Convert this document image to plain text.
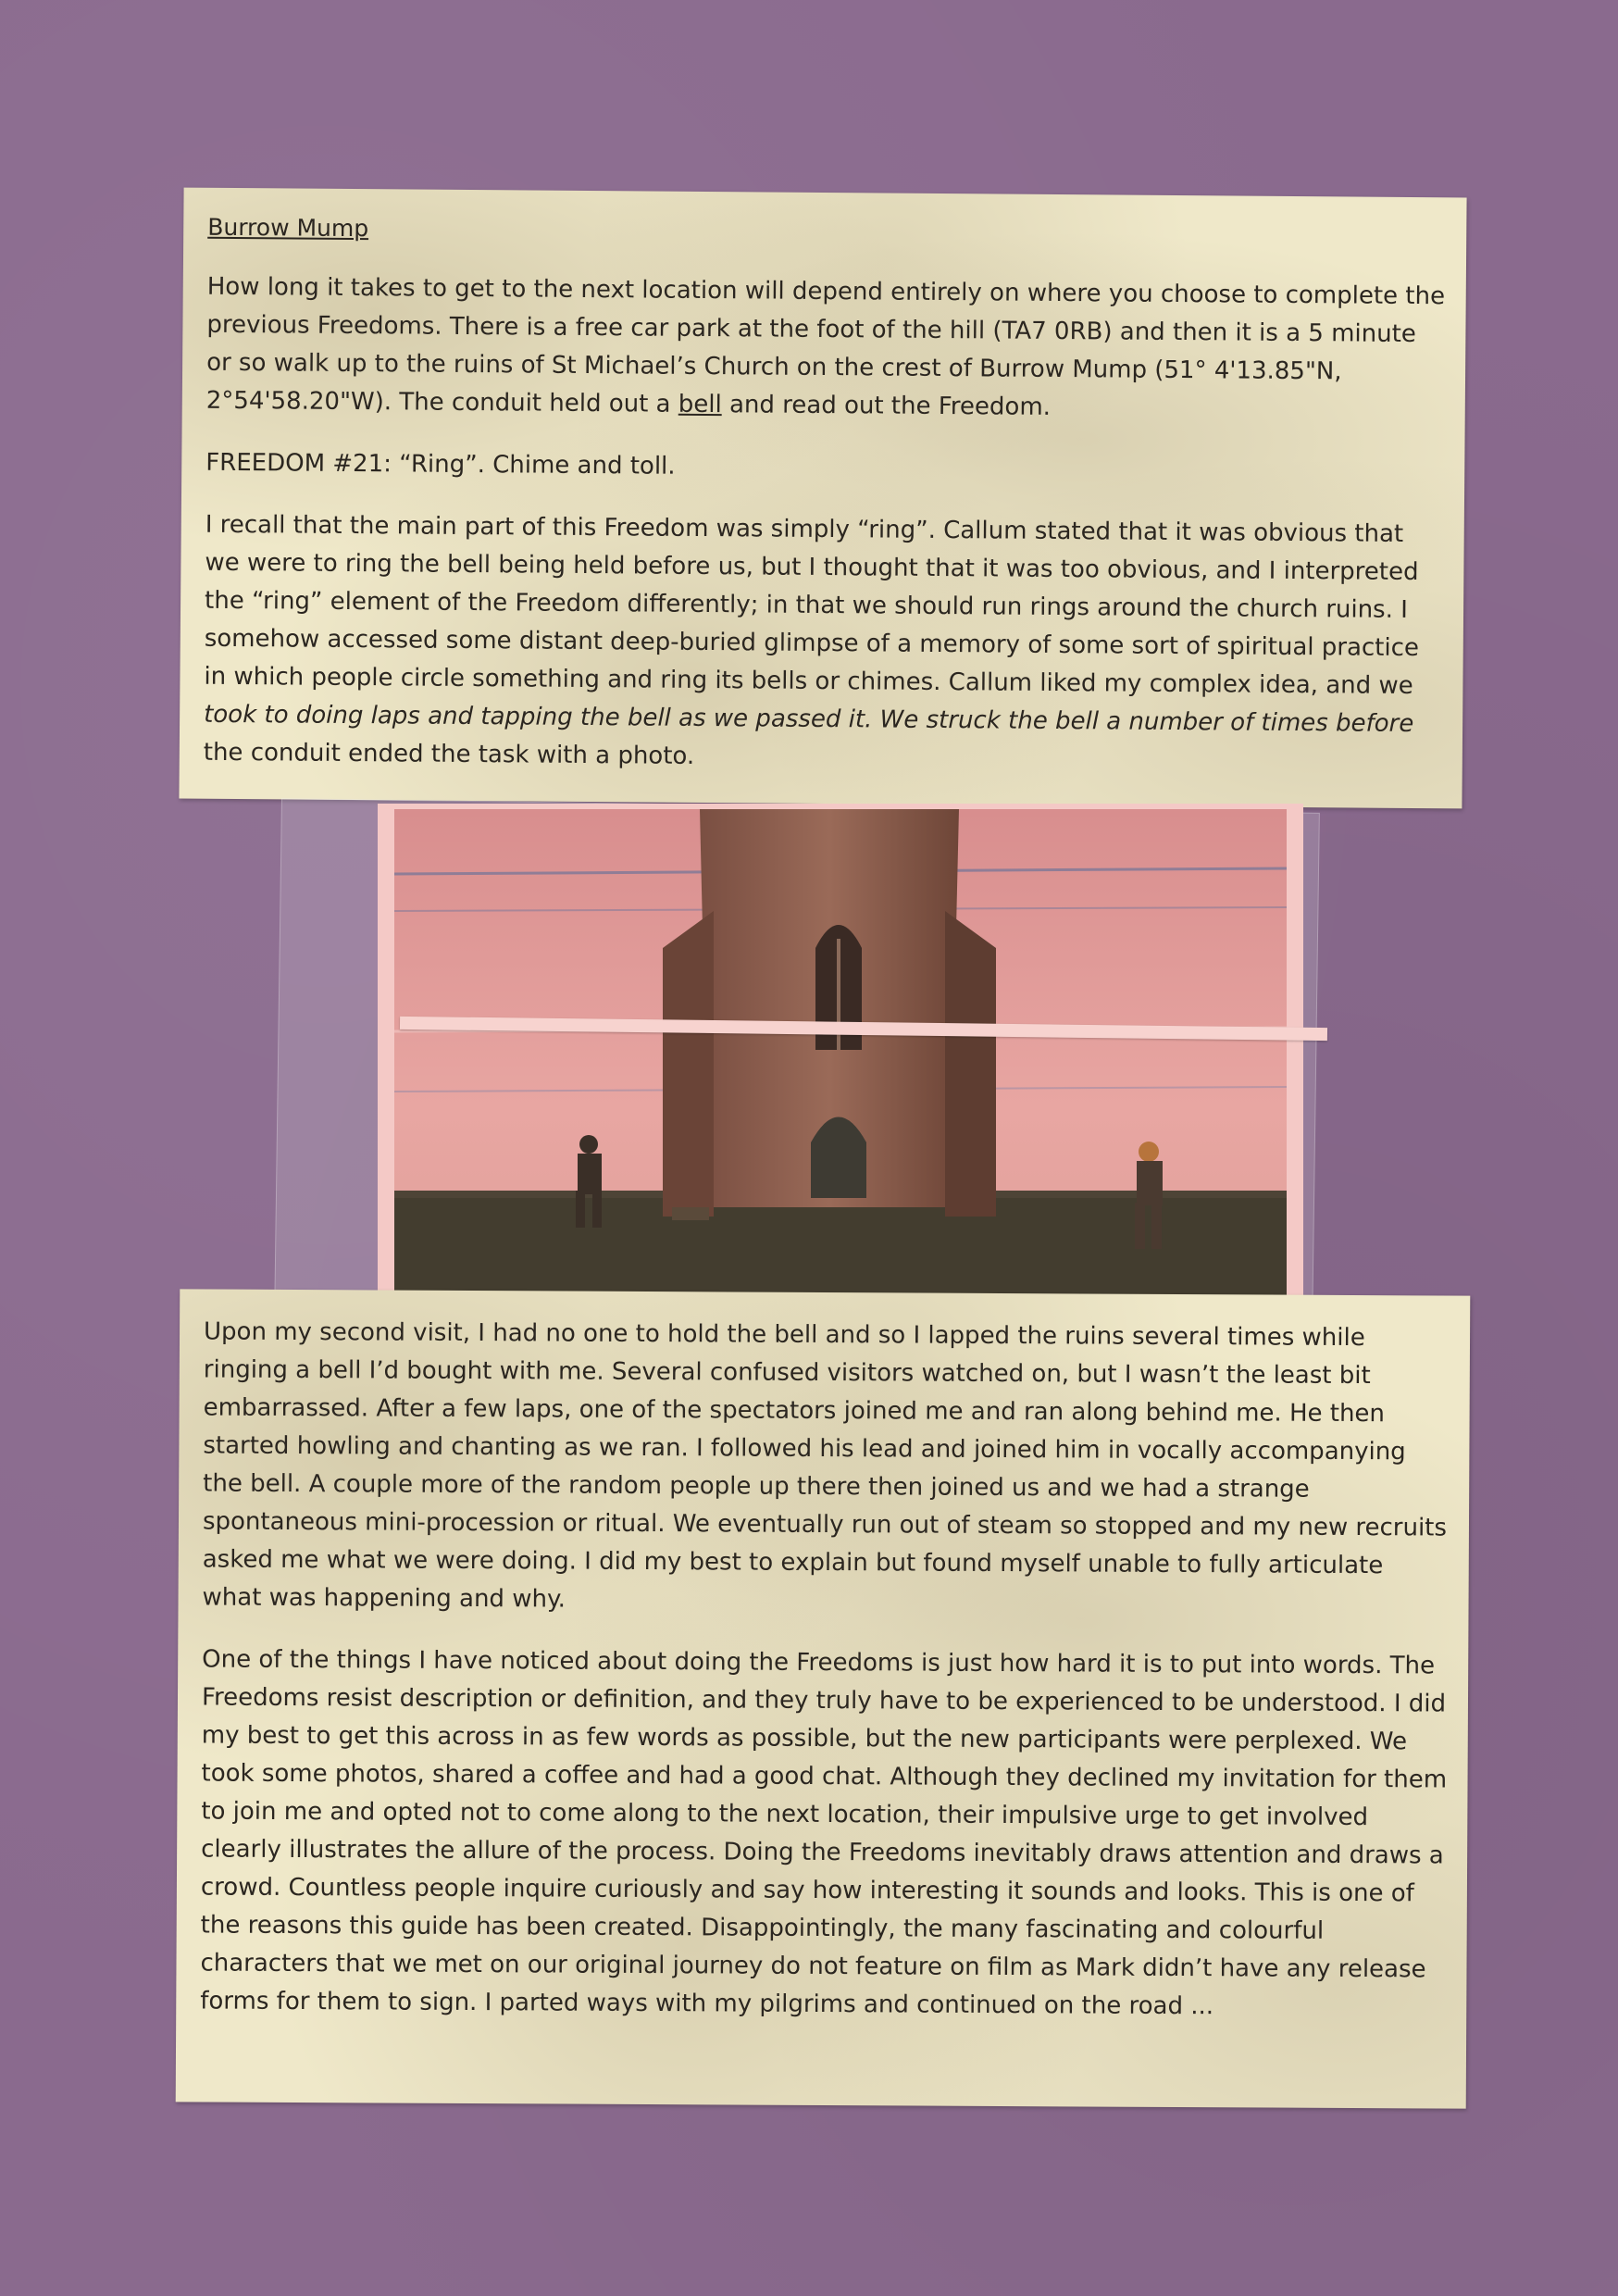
Burrow Mump

How long it takes to get to the next location will depend entirely on where you choose to complete the previous Freedoms. There is a free car park at the foot of the hill (TA7 0RB) and then it is a 5 minute or so walk up to the ruins of St Michael’s Church on the crest of Burrow Mump (51° 4'13.85"N, 2°54'58.20"W). The conduit held out a bell and read out the Freedom.

FREEDOM #21: “Ring”. Chime and toll.

I recall that the main part of this Freedom was simply “ring”. Callum stated that it was obvious that we were to ring the bell being held before us, but I thought that it was too obvious, and I interpreted the “ring” element of the Freedom differently; in that we should run rings around the church ruins. I somehow accessed some distant deep-buried glimpse of a memory of some sort of spiritual practice in which people circle something and ring its bells or chimes. Callum liked my complex idea, and we took to doing laps and tapping the bell as we passed it. We struck the bell a number of times before the conduit ended the task with a photo.

Upon my second visit, I had no one to hold the bell and so I lapped the ruins several times while ringing a bell I’d bought with me. Several confused visitors watched on, but I wasn’t the least bit embarrassed. After a few laps, one of the spectators joined me and ran along behind me. He then started howling and chanting as we ran. I followed his lead and joined him in vocally accompanying the bell. A couple more of the random people up there then joined us and we had a strange spontaneous mini-procession or ritual. We eventually run out of steam so stopped and my new recruits asked me what we were doing. I did my best to explain but found myself unable to fully articulate what was happening and why.

One of the things I have noticed about doing the Freedoms is just how hard it is to put into words. The Freedoms resist description or definition, and they truly have to be experienced to be understood. I did my best to get this across in as few words as possible, but the new participants were perplexed. We took some photos, shared a coffee and had a good chat. Although they declined my invitation for them to join me and opted not to come along to the next location, their impulsive urge to get involved clearly illustrates the allure of the process. Doing the Freedoms inevitably draws attention and draws a crowd. Countless people inquire curiously and say how interesting it sounds and looks. This is one of the reasons this guide has been created. Disappointingly, the many fascinating and colourful characters that we met on our original journey do not feature on film as Mark didn’t have any release forms for them to sign. I parted ways with my pilgrims and continued on the road ...
